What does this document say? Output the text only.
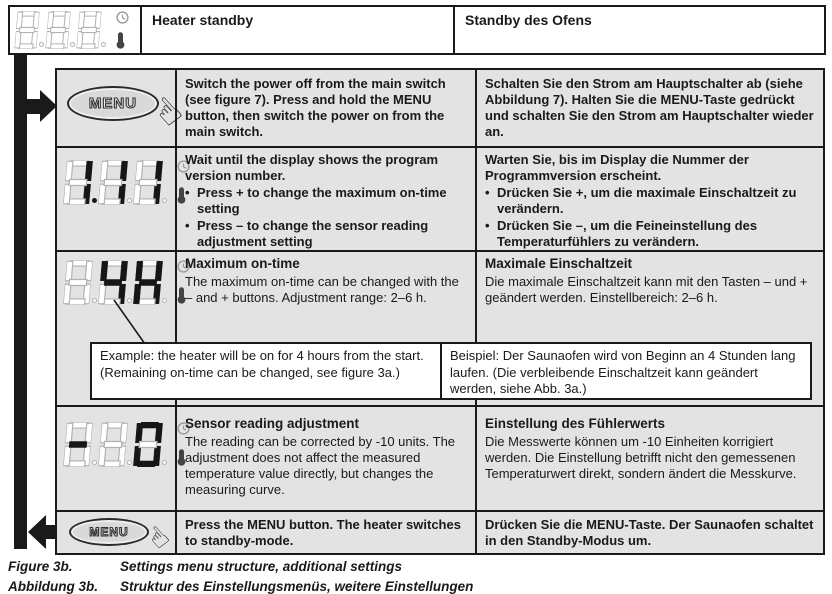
Heater standby	Standby des Ofens
MENU ☝
Switch the power off from the main switch (see figure 7). Press and hold the MENU button, then switch the power on from the main switch.
Schalten Sie den Strom am Hauptschalter ab (siehe Abbildung 7). Halten Sie die MENU-Taste gedrückt und schalten Sie den Strom am Hauptschalter wieder an.
Wait until the display shows the program version number.
• Press + to change the maximum on-time setting
• Press – to change the sensor reading adjustment setting
Warten Sie, bis im Display die Nummer der Programmversion erscheint.
• Drücken Sie +, um die maximale Einschaltzeit zu verändern.
• Drücken Sie –, um die Feineinstellung des Temperaturfühlers zu verändern.
Maximum on-time
The maximum on-time can be changed with the – and + buttons. Adjustment range: 2–6 h.
Maximale Einschaltzeit
Die maximale Einschaltzeit kann mit den Tasten – und + geändert werden. Einstellbereich: 2–6 h.
Example: the heater will be on for 4 hours from the start. (Remaining on-time can be changed, see figure 3a.)
Beispiel: Der Saunaofen wird von Beginn an 4 Stunden lang laufen. (Die verbleibende Einschaltzeit kann geändert werden, siehe Abb. 3a.)
Sensor reading adjustment
The reading can be corrected by -10 units. The adjustment does not affect the measured temperature value directly, but changes the measuring curve.
Einstellung des Fühlerwerts
Die Messwerte können um -10 Einheiten korrigiert werden. Die Einstellung betrifft nicht den gemessenen Temperaturwert direkt, sondern ändert die Messkurve.
MENU ☝ Press the MENU button. The heater switches to standby-mode.
Drücken Sie die MENU-Taste. Der Saunaofen schaltet in den Standby-Modus um.
Figure 3b.	Settings menu structure, additional settings
Abbildung 3b. Struktur des Einstellungsmenüs, weitere Einstellungen
